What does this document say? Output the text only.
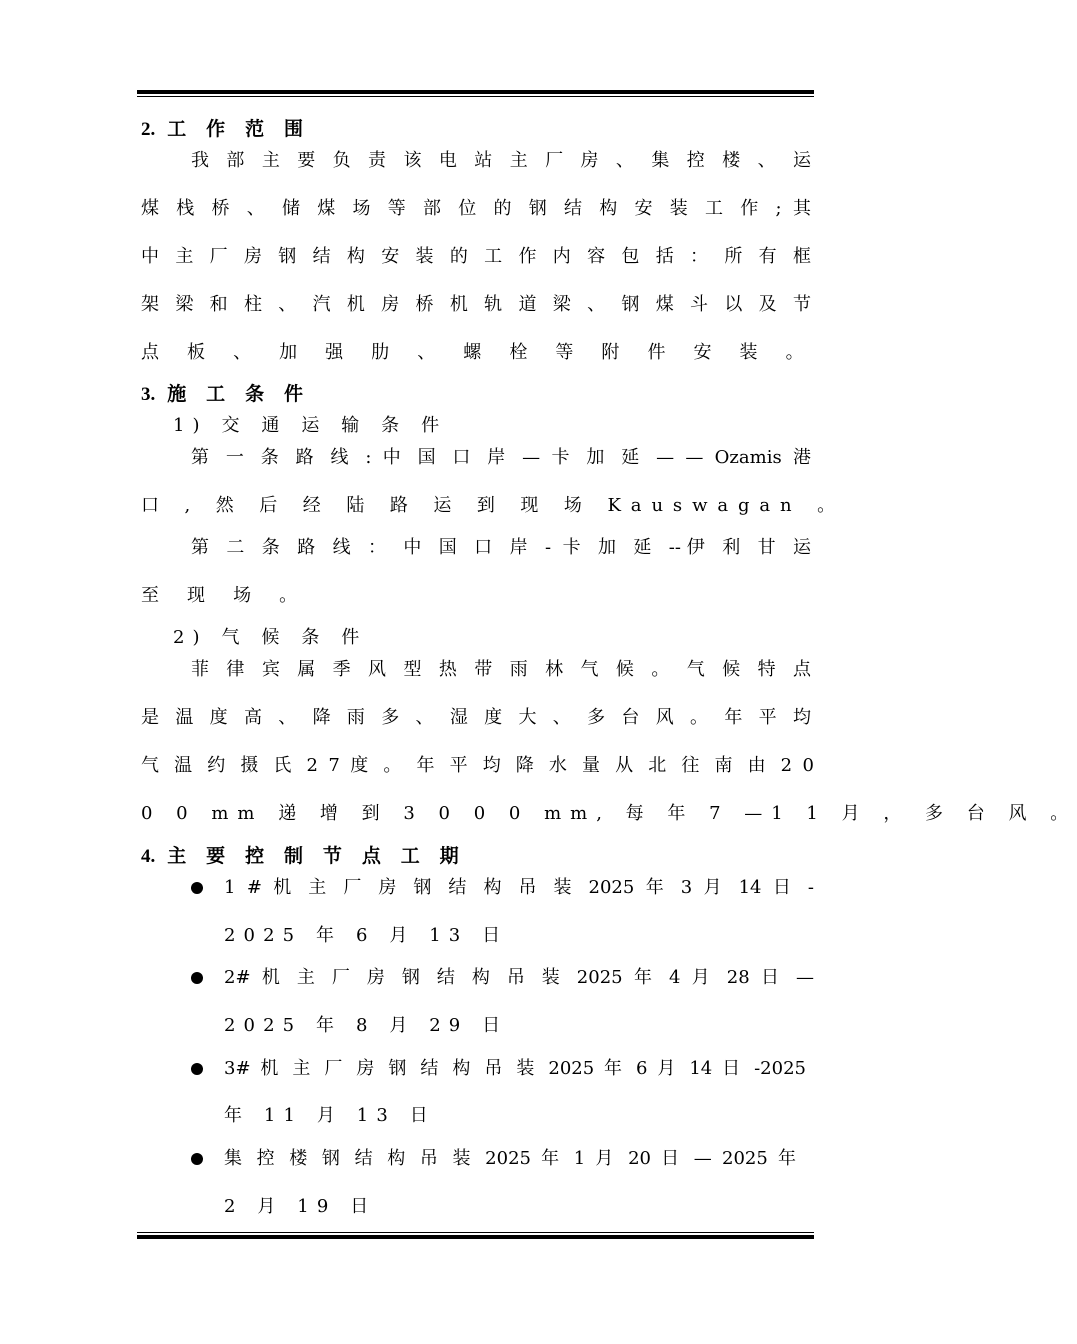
2. 工 作 范 围
我 部 主 要 负 责 该 电 站 主 厂 房 、 集 控 楼 、 运
煤 栈 桥 、 储 煤 场 等 部 位 的 钢 结 构 安 装 工 作 ; 其
中 主 厂 房 钢 结 构 安 装 的 工 作 内 容 包 括 ： 所 有 框
架 梁 和 柱 、 汽 机 房 桥 机 轨 道 梁 、 钢 煤 斗 以 及 节
点 板 、 加 强 肋 、 螺 栓 等 附 件 安 装 。
3. 施 工 条 件
1) 交 通 运 输 条 件
第 一 条 路 线 : 中 国 口 岸 — 卡 加 延 — — Ozamis 港
口 , 然 后 经 陆 路 运 到 现 场 Kauswagan 。
第 二 条 路 线 ： 中 国 口 岸 - 卡 加 延 --伊 利 甘 运
至 现 场 。
2) 气 候 条 件
菲 律 宾 属 季 风 型 热 带 雨 林 气 候 。 气 候 特 点
是 温 度 高 、 降 雨 多 、 湿 度 大 、 多 台 风 。 年 平 均
气 温 约 摄 氏 2 7 度 。 年 平 均 降 水 量 从 北 往 南 由 2 0
0 0 mm 递 增 到 3 0 0 0 mm, 每 年 7 —1 1 月 ， 多 台 风 。
4. 主 要 控 制 节 点 工 期
1 # 机 主 厂 房 钢 结 构 吊 装 2025 年 3 月 14 日 -
2025 年 6 月 13 日
2# 机 主 厂 房 钢 结 构 吊 装 2025 年 4 月 28 日 —
2025 年 8 月 29 日
3# 机 主 厂 房 钢 结 构 吊 装 2025 年 6 月 14 日 -2025
年 11 月 13 日
集 控 楼 钢 结 构 吊 装 2025 年 1 月 20 日 — 2025 年
2 月 19 日
